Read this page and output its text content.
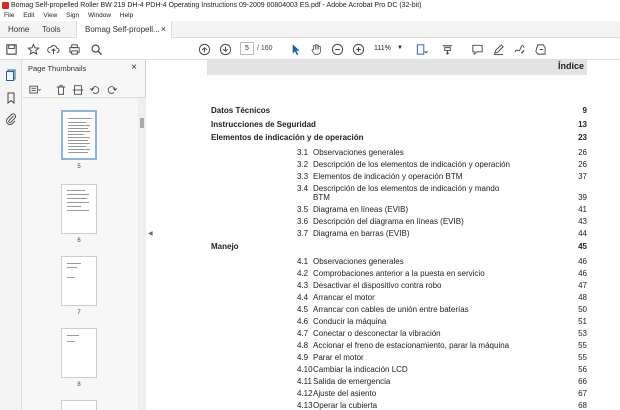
Bomag Self-propelled Roller BW 219 DH-4 PDH-4 Operating Instructions 09-2009 00804003 ES.pdf - Adobe Acrobat Pro DC (32-bit)
File Edit View Sign Window Help
Home	Tools	Bomag Self-propell... ×
5	/ 160	111% ▼
Page Thumbnails	×
5
6
7
8
◀
Índice
Datos Técnicos	9
Instrucciones de Seguridad	13
Elementos de indicación y de operación	23
3.1 Observaciones generales	26
3.2 Descripción de los elementos de indicación y operación	26
3.3 Elementos de indicación y operación BTM	37
3.4 Descripción de los elementos de indicación y mando
BTM	39
3.5 Diagrama en líneas (EVIB)	41
3.6 Descripción del diagrama en líneas (EVIB)	43
3.7 Diagrama en barras (EVIB)	44
Manejo	45
4.1 Observaciones generales	46
4.2 Comprobaciones anterior a la puesta en servicio	46
4.3 Desactivar el dispositivo contra robo	47
4.4 Arrancar el motor	48
4.5 Arrancar con cables de unión entre baterías	50
4.6 Conducir la máquina	51
4.7 Conectar o desconectar la vibración	53
4.8 Accionar el freno de estacionamiento, parar la máquina	55
4.9 Parar el motor	55
4.10 Cambiar la indicación LCD	56
4.11 Salida de emergencia	66
4.12 Ajuste del asiento	67
4.13 Operar la cubierta	68
